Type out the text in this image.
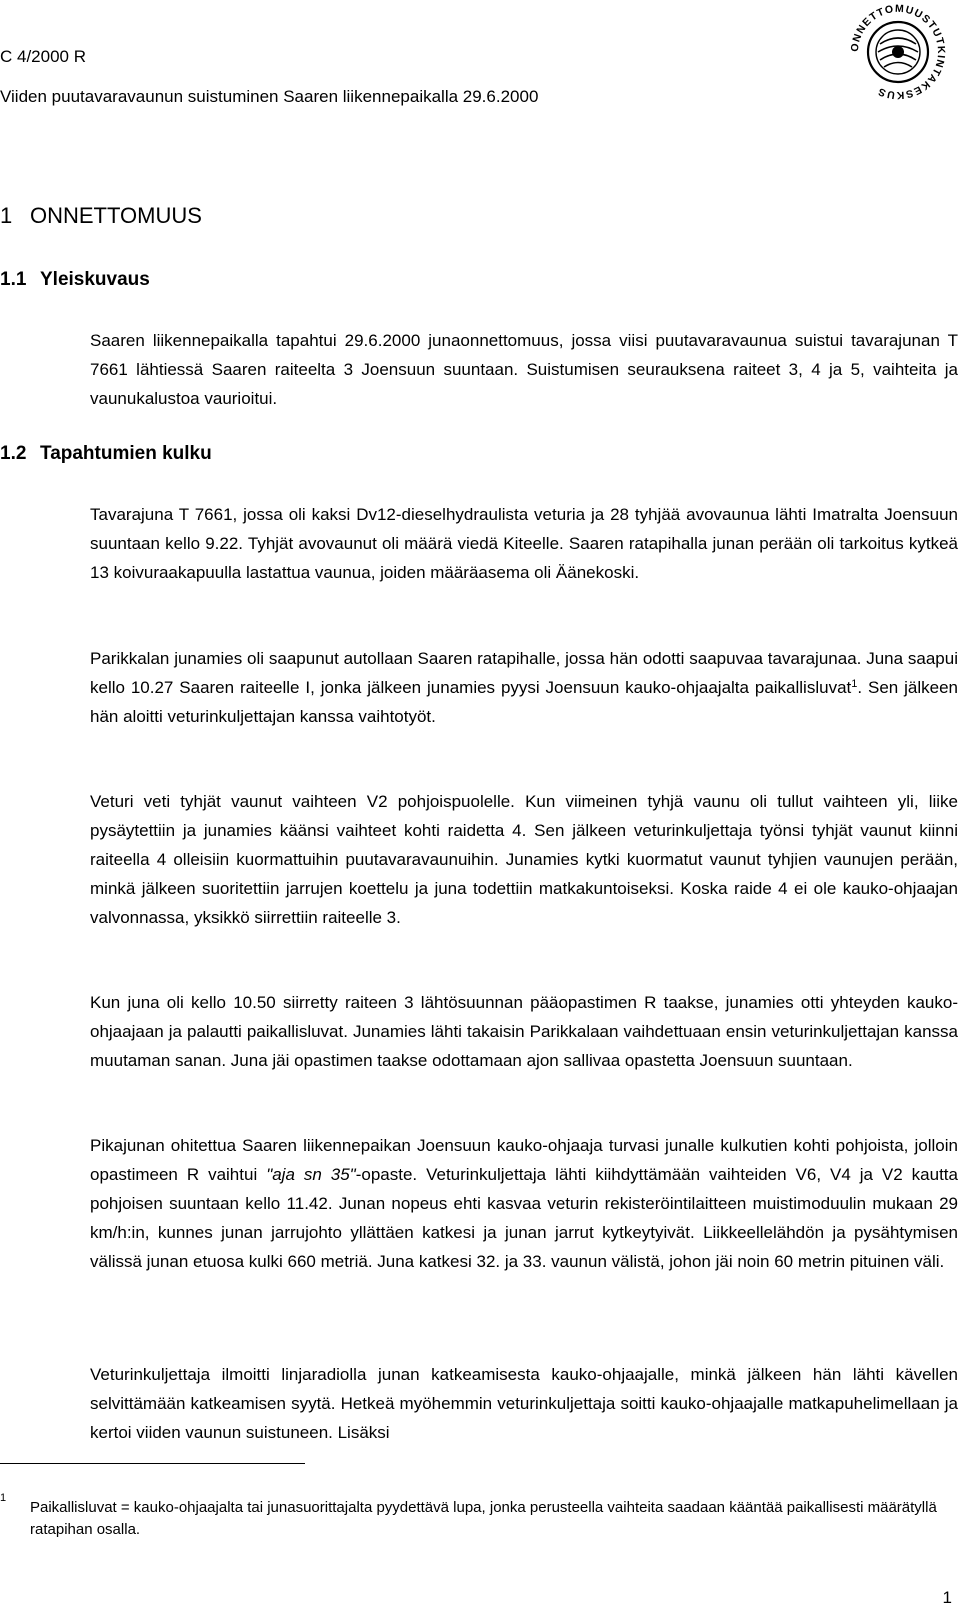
C 4/2000 R
Viiden puutavaravaunun suistuminen Saaren liikennepaikalla 29.6.2000
ONNETTOMUUSTUTKINTAKESKUS
1 ONNETTOMUUS
1.1 Yleiskuvaus

Saaren liikennepaikalla tapahtui 29.6.2000 junaonnettomuus, jossa viisi puutavaravaunua suistui tavarajunan T 7661 lähtiessä Saaren raiteelta 3 Joensuun suuntaan. Suistumisen seurauksena raiteet 3, 4 ja 5, vaihteita ja vaunukalustoa vaurioitui.

1.2 Tapahtumien kulku

Tavarajuna T 7661, jossa oli kaksi Dv12-dieselhydraulista veturia ja 28 tyhjää avovaunua lähti Imatralta Joensuun suuntaan kello 9.22. Tyhjät avovaunut oli määrä viedä Kiteelle. Saaren ratapihalla junan perään oli tarkoitus kytkeä 13 koivuraakapuulla lastattua vaunua, joiden määräasema oli Äänekoski.

Parikkalan junamies oli saapunut autollaan Saaren ratapihalle, jossa hän odotti saapuvaa tavarajunaa. Juna saapui kello 10.27 Saaren raiteelle I, jonka jälkeen junamies pyysi Joensuun kauko-ohjaajalta paikallisluvat$^1$. Sen jälkeen hän aloitti veturinkuljettajan kanssa vaihtotyöt.

Veturi veti tyhjät vaunut vaihteen V2 pohjoispuolelle. Kun viimeinen tyhjä vaunu oli tullut vaihteen yli, liike pysäytettiin ja junamies käänsi vaihteet kohti raidetta 4. Sen jälkeen veturinkuljettaja työnsi tyhjät vaunut kiinni raiteella 4 olleisiin kuormattuihin puutavaravaunuihin. Junamies kytki kuormatut vaunut tyhjien vaunujen perään, minkä jälkeen suoritettiin jarrujen koettelu ja juna todettiin matkakuntoiseksi. Koska raide 4 ei ole kauko-ohjaajan valvonnassa, yksikkö siirrettiin raiteelle 3.

Kun juna oli kello 10.50 siirretty raiteen 3 lähtösuunnan pääopastimen R taakse, junamies otti yhteyden kauko-ohjaajaan ja palautti paikallisluvat. Junamies lähti takaisin Parikkalaan vaihdettuaan ensin veturinkuljettajan kanssa muutaman sanan. Juna jäi opastimen taakse odottamaan ajon sallivaa opastetta Joensuun suuntaan.

Pikajunan ohitettua Saaren liikennepaikan Joensuun kauko-ohjaaja turvasi junalle kulkutien kohti pohjoista, jolloin opastimeen R vaihtui "aja sn 35"-opaste. Veturinkuljettaja lähti kiihdyttämään vaihteiden V6, V4 ja V2 kautta pohjoisen suuntaan kello 11.42. Junan nopeus ehti kasvaa veturin rekisteröintilaitteen muistimoduulin mukaan 29 km/h:in, kunnes junan jarrujohto yllättäen katkesi ja junan jarrut kytkeytyivät. Liikkeellelähdön ja pysähtymisen välissä junan etuosa kulki 660 metriä. Juna katkesi 32. ja 33. vaunun välistä, johon jäi noin 60 metrin pituinen väli.

Veturinkuljettaja ilmoitti linjaradiolla junan katkeamisesta kauko-ohjaajalle, minkä jälkeen hän lähti kävellen selvittämään katkeamisen syytä. Hetkeä myöhemmin veturinkuljettaja soitti kauko-ohjaajalle matkapuhelimellaan ja kertoi viiden vaunun suistuneen. Lisäksi

1

Paikallisluvat = kauko-ohjaajalta tai junasuorittajalta pyydettävä lupa, jonka perusteella vaihteita saadaan kääntää paikallisesti määrätyllä ratapihan osalla.

1
